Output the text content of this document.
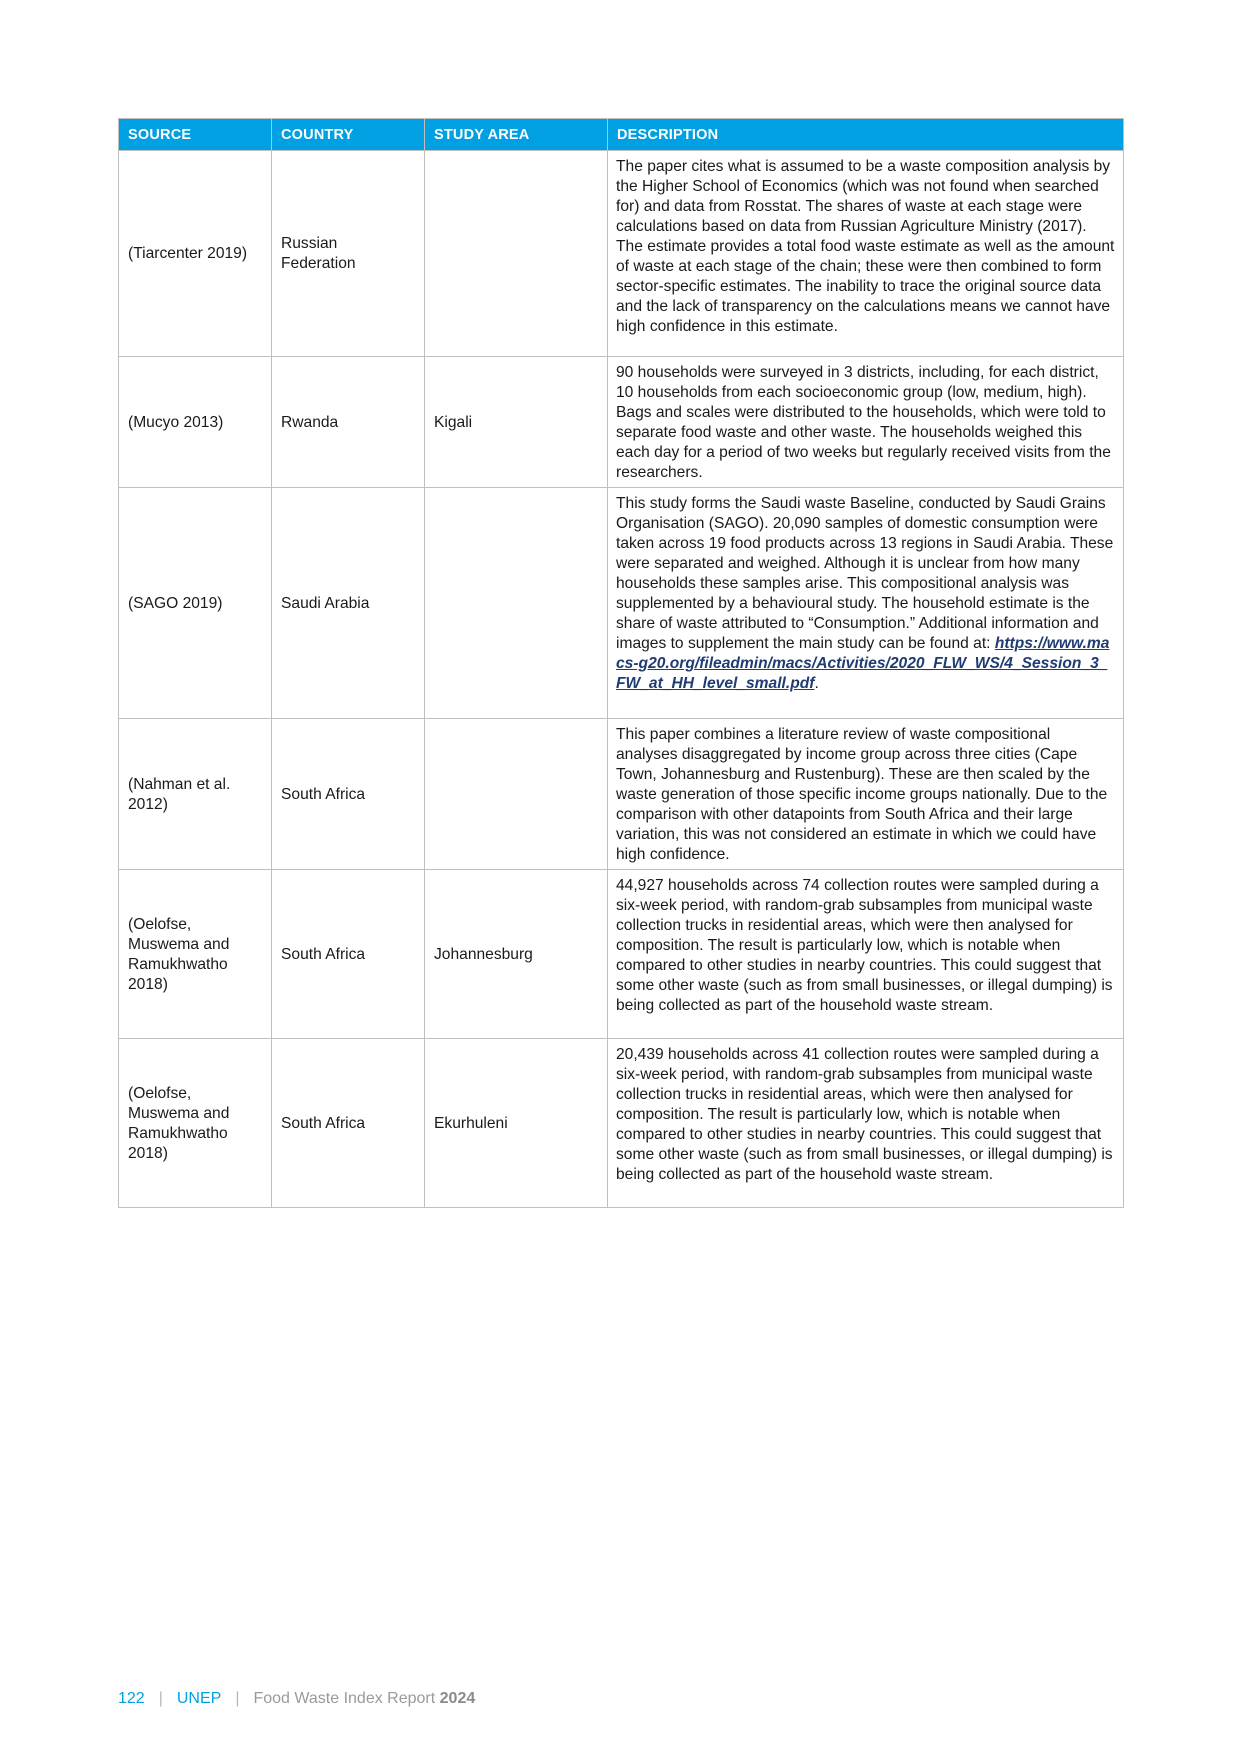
SOURCE	COUNTRY	STUDY AREA	DESCRIPTION
(Tiarcenter 2019)	Russian Federation		The paper cites what is assumed to be a waste composition analysis by the Higher School of Economics (which was not found when searched for) and data from Rosstat. The shares of waste at each stage were calculations based on data from Russian Agriculture Ministry (2017). The estimate provides a total food waste estimate as well as the amount of waste at each stage of the chain; these were then combined to form sector-specific estimates. The inability to trace the original source data and the lack of transparency on the calculations means we cannot have high confidence in this estimate.
(Mucyo 2013)	Rwanda	Kigali	90 households were surveyed in 3 districts, including, for each district, 10 households from each socioeconomic group (low, medium, high). Bags and scales were distributed to the households, which were told to separate food waste and other waste. The households weighed this each day for a period of two weeks but regularly received visits from the researchers.
(SAGO 2019)	Saudi Arabia		This study forms the Saudi waste Baseline, conducted by Saudi Grains Organisation (SAGO). 20,090 samples of domestic consumption were taken across 19 food products across 13 regions in Saudi Arabia. These were separated and weighed. Although it is unclear from how many households these samples arise. This compositional analysis was supplemented by a behavioural study. The household estimate is the share of waste attributed to “Consumption.” Additional information and images to supplement the main study can be found at: https://www.macs-g20.org/fileadmin/macs/Activities/2020_FLW_WS/4_Session_3_FW_at_HH_level_small.pdf.
(Nahman et al. 2012)	South Africa		This paper combines a literature review of waste compositional analyses disaggregated by income group across three cities (Cape Town, Johannesburg and Rustenburg). These are then scaled by the waste generation of those specific income groups nationally. Due to the comparison with other datapoints from South Africa and their large variation, this was not considered an estimate in which we could have high confidence.
(Oelofse, Muswema and Ramukhwatho 2018)	South Africa	Johannesburg	44,927 households across 74 collection routes were sampled during a six-week period, with random-grab subsamples from municipal waste collection trucks in residential areas, which were then analysed for composition. The result is particularly low, which is notable when compared to other studies in nearby countries. This could suggest that some other waste (such as from small businesses, or illegal dumping) is being collected as part of the household waste stream.
(Oelofse, Muswema and Ramukhwatho 2018)	South Africa	Ekurhuleni	20,439 households across 41 collection routes were sampled during a six-week period, with random-grab subsamples from municipal waste collection trucks in residential areas, which were then analysed for composition. The result is particularly low, which is notable when compared to other studies in nearby countries. This could suggest that some other waste (such as from small businesses, or illegal dumping) is being collected as part of the household waste stream.
122 | UNEP | Food Waste Index Report 2024
